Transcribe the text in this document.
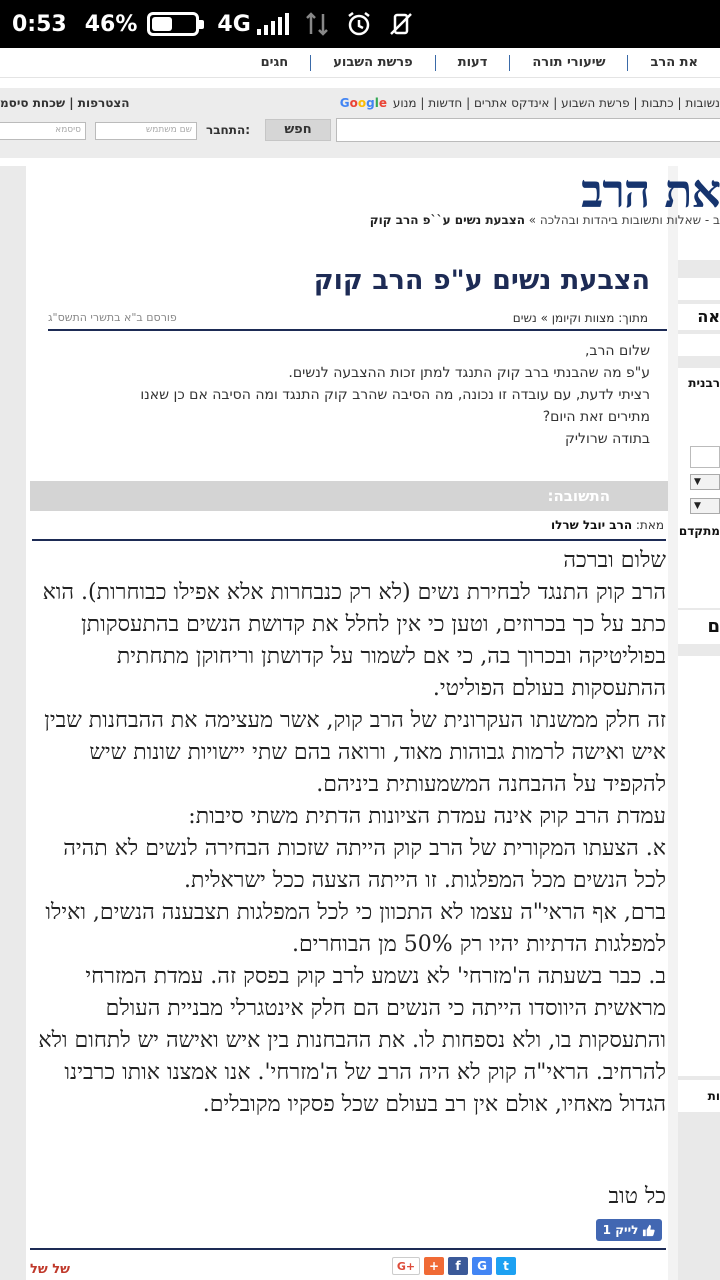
0:53 46%	4G
את הרב
שיעורי תורה
דעות
פרשת השבוע
חגים
נשובות | כתבות | פרשת השבוע | אינדקס אתרים | חדשות | מנוע Google
הצטרפות | שכחת סיסמ
חפש
התחבר:
שם משתמש
סיסמא
אה
רבנית
▼
▼
מתקדם
ם
ות
את הרב
ב - שאלות ותשובות ביהדות ובהלכה » הצבעת נשים ע``פ הרב קוק
הצבעת נשים ע"פ הרב קוק
מתוך: מצוות וקיומן » נשים
פורסם ב"א בתשרי התשס"ג
שלום הרב,
ע"פ מה שהבנתי ברב קוק התנגד למתן זכות ההצבעה לנשים.
רציתי לדעת, עם עובדה זו נכונה, מה הסיבה שהרב קוק התנגד ומה הסיבה אם כן שאנו
מתירים זאת היום?
בתודה שרוליק
התשובה:
מאת: הרב יובל שרלו

שלום וברכה

הרב קוק התנגד לבחירת נשים (לא רק כנבחרות אלא אפילו כבוחרות). הוא כתב על כך בכרוזים, וטען כי אין לחלל את קדושת הנשים בהתעסקותן בפוליטיקה ובכרוך בה, כי אם לשמור על קדושתן וריחוקן מתחתית ההתעסקות בעולם הפוליטי.

זה חלק ממשנתו העקרונית של הרב קוק, אשר מעצימה את ההבחנות שבין איש ואישה לרמות גבוהות מאוד, ורואה בהם שתי יישויות שונות שיש להקפיד על ההבחנה המשמעותית ביניהם.

עמדת הרב קוק אינה עמדת הציונות הדתית משתי סיבות:

א. הצעתו המקורית של הרב קוק הייתה שזכות הבחירה לנשים לא תהיה לכל הנשים מכל המפלגות. זו הייתה הצעה ככל ישראלית.

ברם, אף הראי"ה עצמו לא התכוון כי לכל המפלגות תצבענה הנשים, ואילו למפלגות הדתיות יהיו רק 50% מן הבוחרים.

ב. כבר בשעתה ה'מזרחי' לא נשמע לרב קוק בפסק זה. עמדת המזרחי מראשית היווסדו הייתה כי הנשים הם חלק אינטגרלי מבניית העולם והתעסקות בו, ולא נספחות לו. את ההבחנות בין איש ואישה יש לתחום ולא להרחיב. הראי"ה קוק לא היה הרב של ה'מזרחי'. אנו אמצנו אותו כרבינו הגדול מאחיו, אולם אין רב בעולם שכל פסקיו מקובלים.

כל טוב
לייק 1
G+	+	f	G	t
של של
